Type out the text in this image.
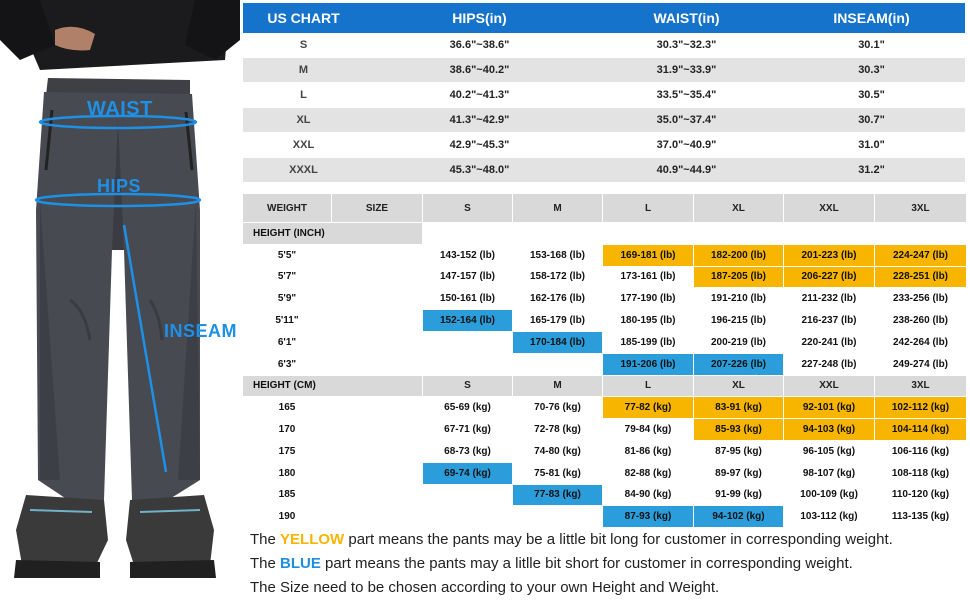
WAIST
HIPS
INSEAM
US CHART	HIPS(in)	WAIST(in)	INSEAM(in)
S	36.6"~38.6"	30.3"~32.3"	30.1"
M	38.6"~40.2"	31.9"~33.9"	30.3"
L	40.2"~41.3"	33.5"~35.4"	30.5"
XL	41.3"~42.9"	35.0"~37.4"	30.7"
XXL	42.9"~45.3"	37.0"~40.9"	31.0"
XXXL	45.3"~48.0"	40.9"~44.9"	31.2"
WEIGHT	SIZE	S	M	L	XL	XXL	3XL
HEIGHT (INCH)							
5'5"		143-152 (lb)	153-168 (lb)	169-181 (lb)	182-200 (lb)	201-223 (lb)	224-247 (lb)
5'7"		147-157 (lb)	158-172 (lb)	173-161 (lb)	187-205 (lb)	206-227 (lb)	228-251 (lb)
5'9"		150-161 (lb)	162-176 (lb)	177-190 (lb)	191-210 (lb)	211-232 (lb)	233-256 (lb)
5'11"		152-164 (lb)	165-179 (lb)	180-195 (lb)	196-215 (lb)	216-237 (lb)	238-260 (lb)
6'1"			170-184 (lb)	185-199 (lb)	200-219 (lb)	220-241 (lb)	242-264 (lb)
6'3"				191-206 (lb)	207-226 (lb)	227-248 (lb)	249-274 (lb)
HEIGHT (CM)		S	M	L	XL	XXL	3XL
165		65-69 (kg)	70-76 (kg)	77-82 (kg)	83-91 (kg)	92-101 (kg)	102-112 (kg)
170		67-71 (kg)	72-78 (kg)	79-84 (kg)	85-93 (kg)	94-103 (kg)	104-114 (kg)
175		68-73 (kg)	74-80 (kg)	81-86 (kg)	87-95 (kg)	96-105 (kg)	106-116 (kg)
180		69-74 (kg)	75-81 (kg)	82-88 (kg)	89-97 (kg)	98-107 (kg)	108-118 (kg)
185			77-83 (kg)	84-90 (kg)	91-99 (kg)	100-109 (kg)	110-120 (kg)
190				87-93 (kg)	94-102 (kg)	103-112 (kg)	113-135 (kg)

The YELLOW part means the pants may be a little bit long for customer in corresponding weight.

The BLUE part means the pants may a litlle bit short for customer in corresponding weight.

The Size need to be chosen according to your own Height and Weight.
